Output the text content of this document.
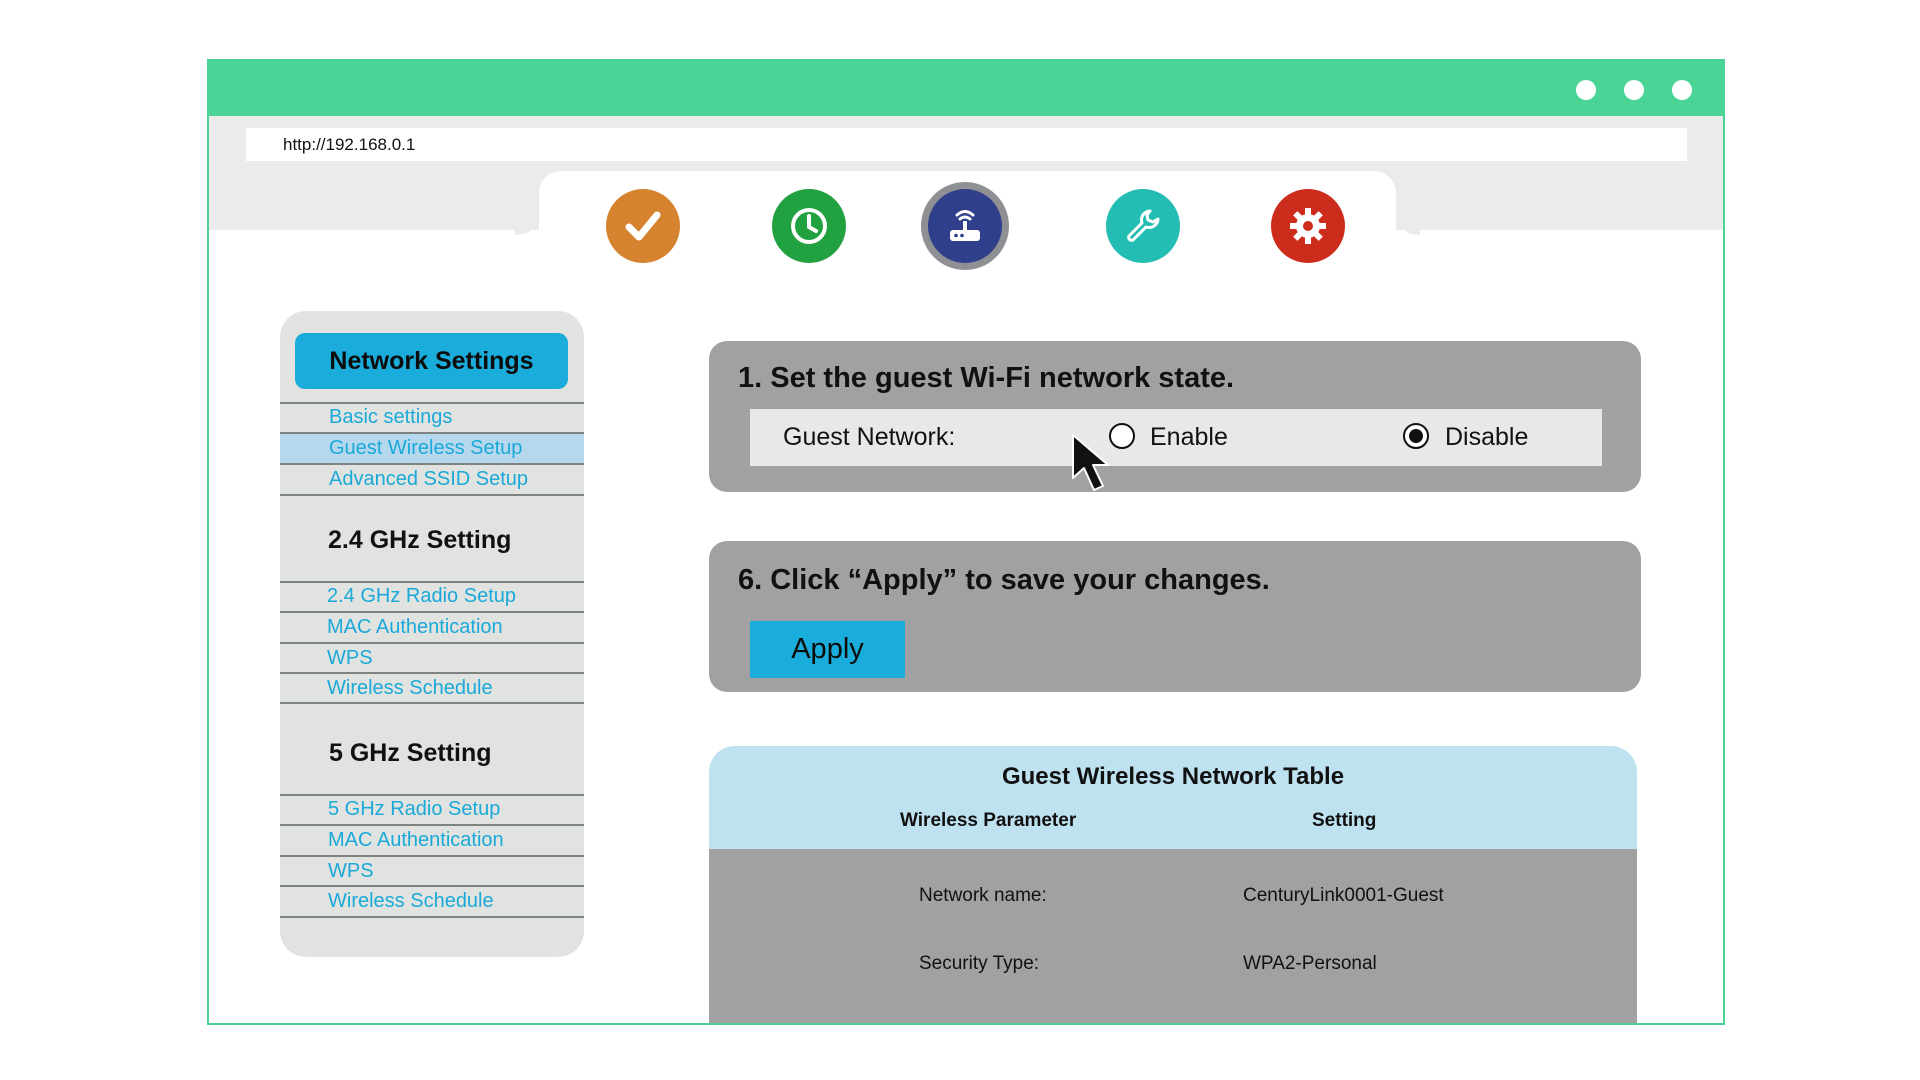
http://192.168.0.1
Network Settings
Basic settings
Guest Wireless Setup
Advanced SSID Setup
2.4 GHz Setting
2.4 GHz Radio Setup
MAC Authentication
WPS
Wireless Schedule
5 GHz Setting
5 GHz Radio Setup
MAC Authentication
WPS
Wireless Schedule
1. Set the guest Wi-Fi network state.
Guest Network:	Enable	Disable
6. Click “Apply” to save your changes.
Apply
Guest Wireless Network Table
Wireless Parameter	Setting
Network name:	CenturyLink0001-Guest
Security Type:	WPA2-Personal
